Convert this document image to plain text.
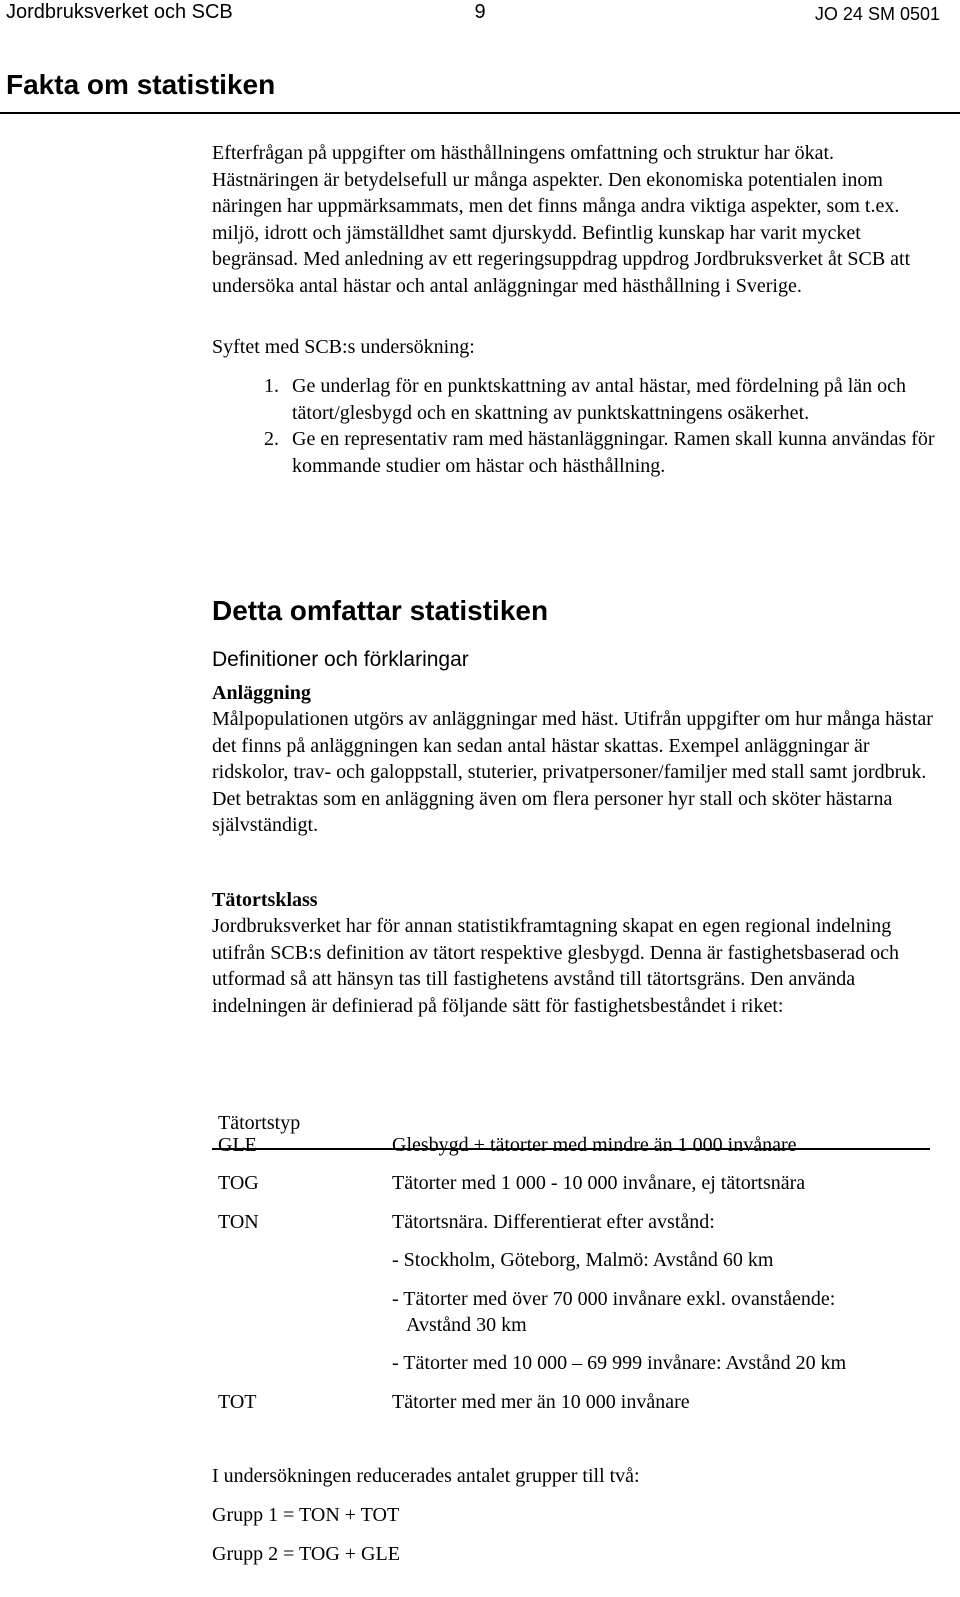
Jordbruksverket och SCB	9	JO 24 SM 0501
Fakta om statistiken

Efterfrågan på uppgifter om hästhållningens omfattning och struktur har ökat. Hästnäringen är betydelsefull ur många aspekter. Den ekonomiska potentialen inom näringen har uppmärksammats, men det finns många andra viktiga aspekter, som t.ex. miljö, idrott och jämställdhet samt djurskydd. Befintlig kunskap har varit mycket begränsad. Med anledning av ett regeringsuppdrag uppdrog Jordbruksverket åt SCB att undersöka antal hästar och antal anläggningar med hästhållning i Sverige.

Syftet med SCB:s undersökning:

1. Ge underlag för en punktskattning av antal hästar, med fördelning på län och tätort/glesbygd och en skattning av punktskattningens osäkerhet.
2. Ge en representativ ram med hästanläggningar. Ramen skall kunna användas för kommande studier om hästar och hästhållning.
Detta omfattar statistiken
Definitioner och förklaringar
Anläggning

Målpopulationen utgörs av anläggningar med häst. Utifrån uppgifter om hur många hästar det finns på anläggningen kan sedan antal hästar skattas. Exempel anläggningar är ridskolor, trav- och galoppstall, stuterier, privatpersoner/familjer med stall samt jordbruk. Det betraktas som en anläggning även om flera personer hyr stall och sköter hästarna självständigt.

Tätortsklass

Jordbruksverket har för annan statistikframtagning skapat en egen regional indelning utifrån SCB:s definition av tätort respektive glesbygd. Denna är fastighetsbaserad och utformad så att hänsyn tas till fastighetens avstånd till tätortsgräns. Den använda indelningen är definierad på följande sätt för fastighetsbeståndet i riket:

Tätortstyp
GLE	Glesbygd + tätorter med mindre än 1 000 invånare
TOG	Tätorter med 1 000 - 10 000 invånare, ej tätortsnära
TON	Tätortsnära. Differentierat efter avstånd:
- Stockholm, Göteborg, Malmö: Avstånd 60 km
- Tätorter med över 70 000 invånare exkl. ovanstående:
Avstånd 30 km
- Tätorter med 10 000 – 69 999 invånare: Avstånd 20 km
TOT	Tätorter med mer än 10 000 invånare

I undersökningen reducerades antalet grupper till två:

Grupp 1 = TON + TOT

Grupp 2 = TOG + GLE
